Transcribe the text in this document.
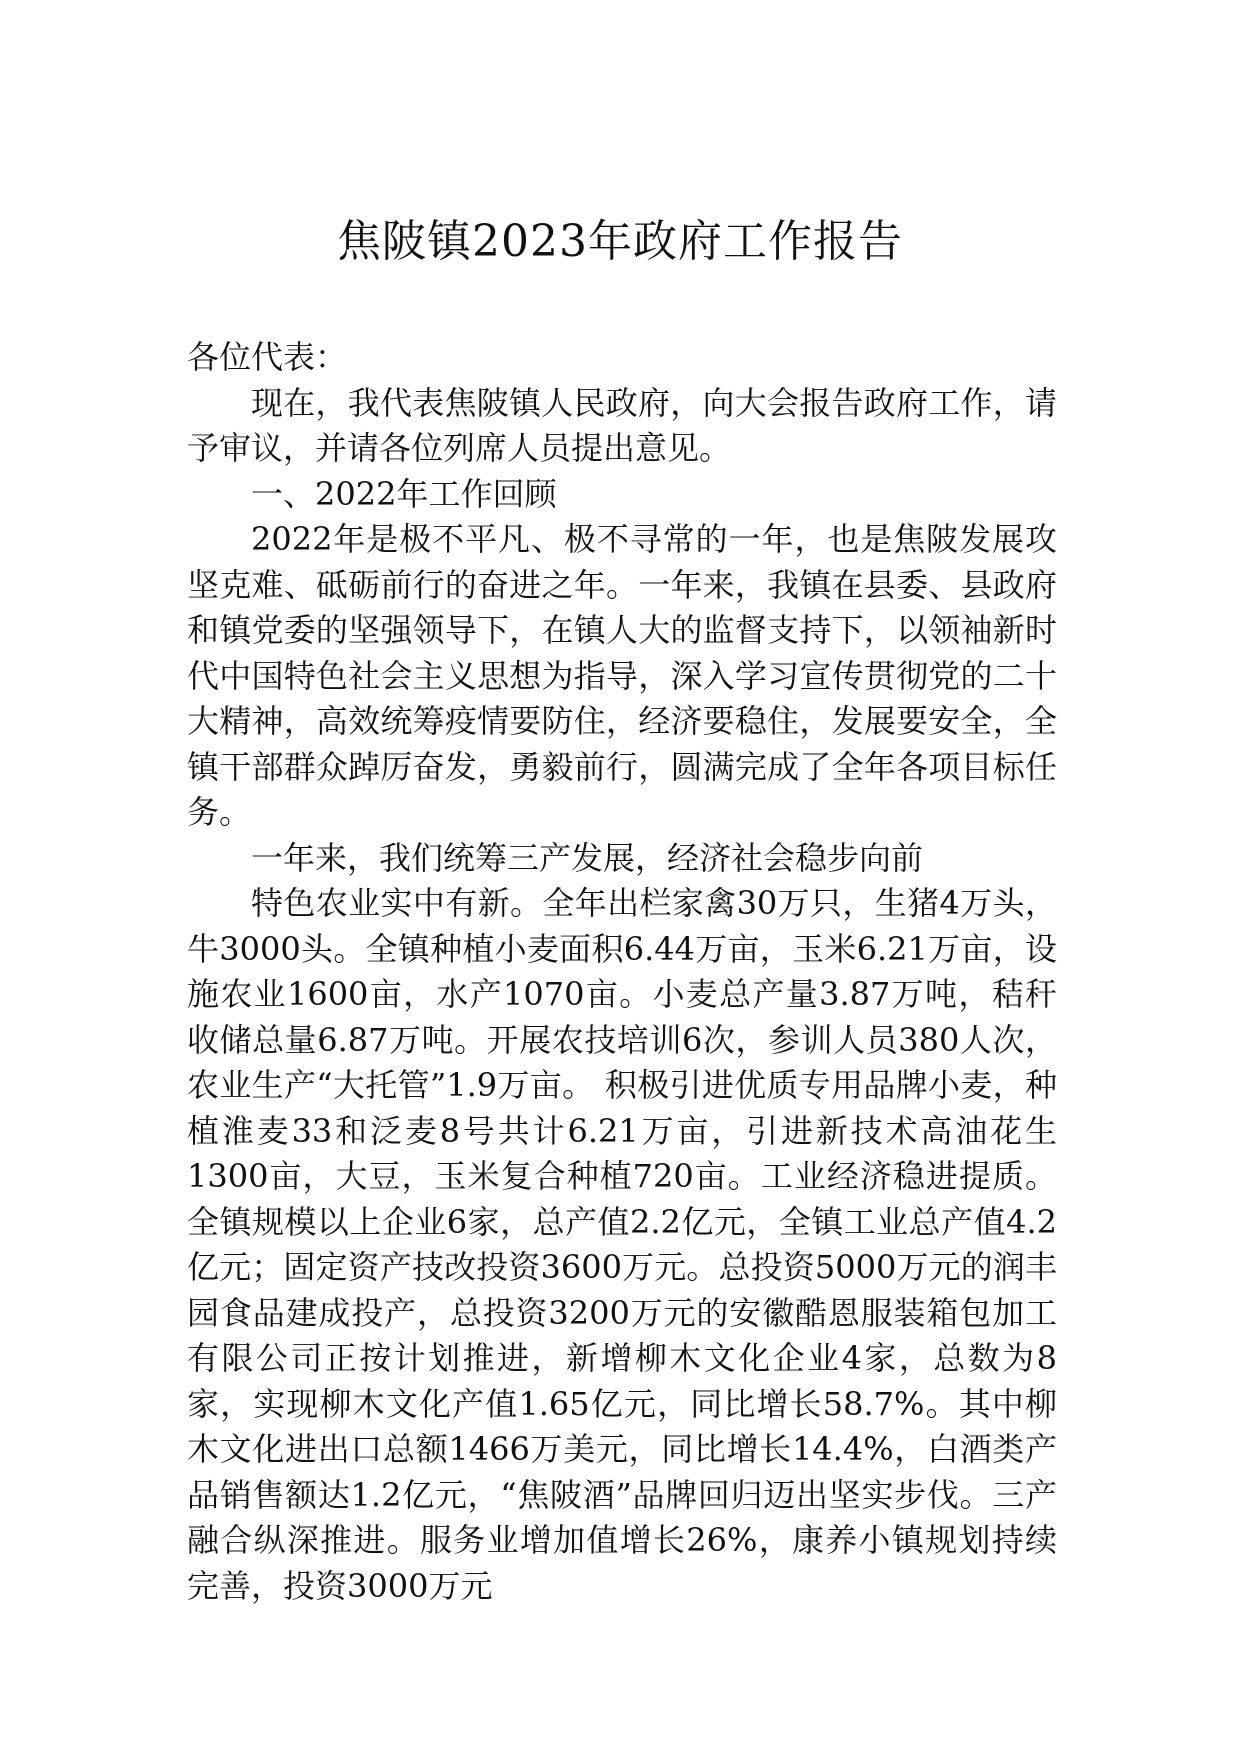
焦陂镇2023年政府工作报告

各位代表：

现在，我代表焦陂镇人民政府，向大会报告政府工作，请予审议，并请各位列席人员提出意见。

一、2022年工作回顾

2022年是极不平凡、极不寻常的一年，也是焦陂发展攻坚克难、砥砺前行的奋进之年。一年来，我镇在县委、县政府和镇党委的坚强领导下，在镇人大的监督支持下，以领袖新时代中国特色社会主义思想为指导，深入学习宣传贯彻党的二十大精神，高效统筹疫情要防住，经济要稳住，发展要安全，全镇干部群众踔厉奋发，勇毅前行，圆满完成了全年各项目标任务。

一年来，我们统筹三产发展，经济社会稳步向前

特色农业实中有新。全年出栏家禽30万只，生猪4万头，牛3000头。全镇种植小麦面积6.44万亩，玉米6.21万亩，设施农业1600亩，水产1070亩。小麦总产量3.87万吨，秸秆收储总量6.87万吨。开展农技培训6次，参训人员380人次，农业生产“大托管”1.9万亩。 积极引进优质专用品牌小麦，种植淮麦33和泛麦8号共计6.21万亩，引进新技术高油花生1300亩，大豆，玉米复合种植720亩。工业经济稳进提质。全镇规模以上企业6家，总产值2.2亿元，全镇工业总产值4.2亿元；固定资产技改投资3600万元。总投资5000万元的润丰园食品建成投产，总投资3200万元的安徽酷恩服装箱包加工有限公司正按计划推进，新增柳木文化企业4家，总数为8家，实现柳木文化产值1.65亿元，同比增长58.7%。其中柳木文化进出口总额1466万美元，同比增长14.4%，白酒类产品销售额达1.2亿元，“焦陂酒”品牌回归迈出坚实步伐。三产融合纵深推进。服务业增加值增长26%，康养小镇规划持续完善，投资3000万元
